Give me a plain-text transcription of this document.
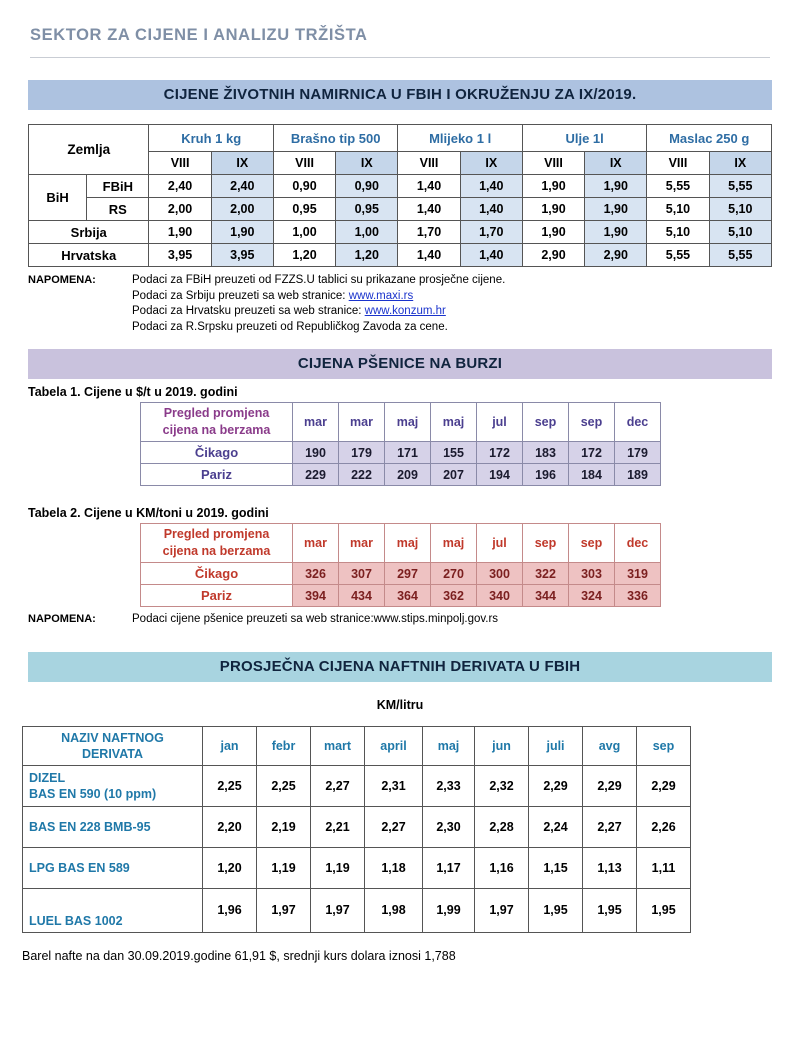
SEKTOR ZA CIJENE I ANALIZU TRŽIŠTA
CIJENE ŽIVOTNIH NAMIRNICA U FBIH I OKRUŽENJU ZA IX/2019.
Zemlja		Kruh 1 kg		Brašno tip 500		Mlijeko 1 l		Ulje 1l		Maslac 250 g	
		VIII	IX	VIII	IX	VIII	IX	VIII	IX	VIII	IX
BiH	FBiH	2,40	2,40	0,90	0,90	1,40	1,40	1,90	1,90	5,55	5,55
	RS	2,00	2,00	0,95	0,95	1,40	1,40	1,90	1,90	5,10	5,10
Srbija		1,90	1,90	1,00	1,00	1,70	1,70	1,90	1,90	5,10	5,10
Hrvatska		3,95	3,95	1,20	1,20	1,40	1,40	2,90	2,90	5,55	5,55
NAPOMENA:	Podaci za FBiH preuzeti od FZZS.U tablici su prikazane prosječne cijene.
Podaci za Srbiju preuzeti sa web stranice: www.maxi.rs
Podaci za Hrvatsku preuzeti sa web stranice: www.konzum.hr
Podaci za R.Srpsku preuzeti od Republičkog Zavoda za cene.
CIJENA PŠENICE NA BURZI
Tabela 1. Cijene u $/t u 2019. godini
Pregled promjena
cijena na berzama	mar	mar	maj	maj	jul	sep	sep	dec

Čikago	190	179	171	155	172	183	172	179
Pariz	229	222	209	207	194	196	184	189
Tabela 2. Cijene u KM/toni u 2019. godini
Pregled promjena
cijena na berzama	mar	mar	maj	maj	jul	sep	sep	dec

Čikago	326	307	297	270	300	322	303	319
Pariz	394	434	364	362	340	344	324	336
NAPOMENA:	Podaci cijene pšenice preuzeti sa web stranice:www.stips.minpolj.gov.rs
PROSJEČNA CIJENA NAFTNIH DERIVATA U FBIH
KM/litru
NAZIV NAFTNOG
DERIVATA	jan	febr	mart	april	maj	jun	juli	avg	sep
DIZEL
BAS EN 590 (10 ppm)	2,25	2,25	2,27	2,31	2,33	2,32	2,29	2,29	2,29
BAS EN 228 BMB-95	2,20	2,19	2,21	2,27	2,30	2,28	2,24	2,27	2,26
LPG BAS EN 589	1,20	1,19	1,19	1,18	1,17	1,16	1,15	1,13	1,11
LUEL BAS 1002	1,96	1,97	1,97	1,98	1,99	1,97	1,95	1,95	1,95
Barel nafte na dan 30.09.2019.godine 61,91 $, srednji kurs dolara iznosi 1,788
